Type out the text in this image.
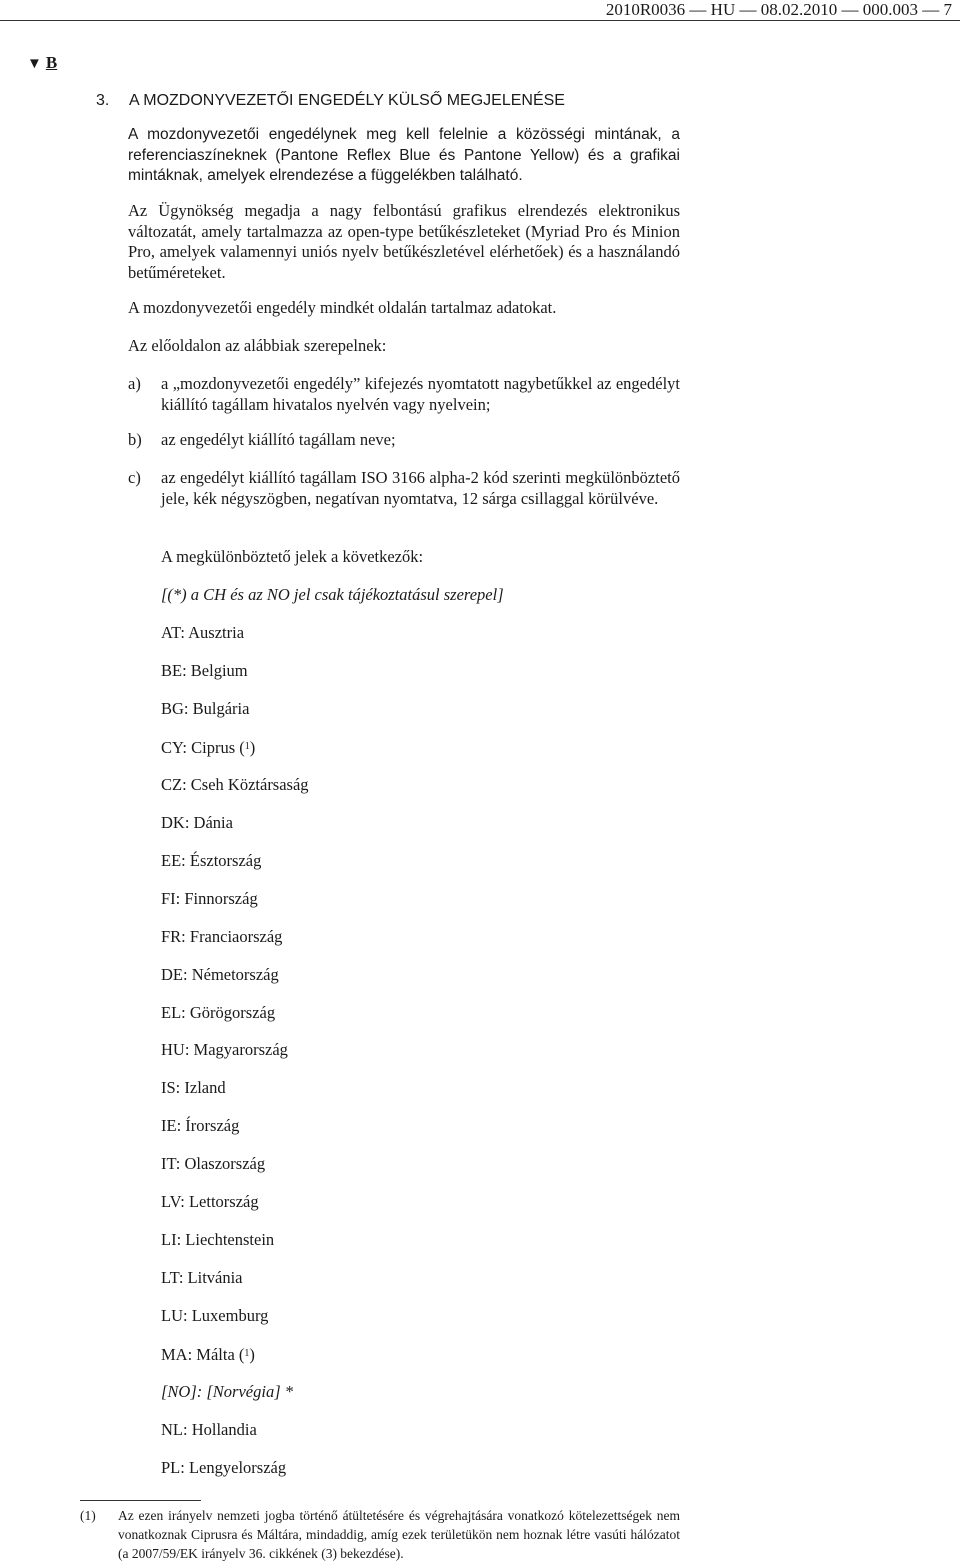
2010R0036 — HU — 08.02.2010 — 000.003 — 7
▼ B
3. A MOZDONYVEZETŐI ENGEDÉLY KÜLSŐ MEGJELENÉSE

A mozdonyvezetői engedélynek meg kell felelnie a közösségi mintának, a referenciaszíneknek (Pantone Reflex Blue és Pantone Yellow) és a grafikai mintáknak, amelyek elrendezése a függelékben található.

Az Ügynökség megadja a nagy felbontású grafikus elrendezés elektronikus változatát, amely tartalmazza az open-type betűkészleteket (Myriad Pro és Minion Pro, amelyek valamennyi uniós nyelv betűkészletével elérhetőek) és a használandó betűméreteket.

A mozdonyvezetői engedély mindkét oldalán tartalmaz adatokat.

Az előoldalon az alábbiak szerepelnek:

a) a „mozdonyvezetői engedély” kifejezés nyomtatott nagybetűkkel az engedélyt kiállító tagállam hivatalos nyelvén vagy nyelvein;
b) az engedélyt kiállító tagállam neve;
c) az engedélyt kiállító tagállam ISO 3166 alpha-2 kód szerinti megkülönböztető jele, kék négyszögben, negatívan nyomtatva, 12 sárga csillaggal körülvéve.
A megkülönböztető jelek a következők:
[(*) a CH és az NO jel csak tájékoztatásul szerepel]
AT: Ausztria
BE: Belgium
BG: Bulgária
CY: Ciprus ($^1$)
CZ: Cseh Köztársaság
DK: Dánia
EE: Észtország
FI: Finnország
FR: Franciaország
DE: Németország
EL: Görögország
HU: Magyarország
IS: Izland
IE: Írország
IT: Olaszország
LV: Lettország
LI: Liechtenstein
LT: Litvánia
LU: Luxemburg
MA: Málta ($^1$)
[NO]: [Norvégia] *
NL: Hollandia
PL: Lengyelország
(1) Az ezen irányelv nemzeti jogba történő átültetésére és végrehajtására vonatkozó kötelezettségek nem vonatkoznak Ciprusra és Máltára, mindaddig, amíg ezek területükön nem hoznak létre vasúti hálózatot (a 2007/59/EK irányelv 36. cikkének (3) bekezdése).
